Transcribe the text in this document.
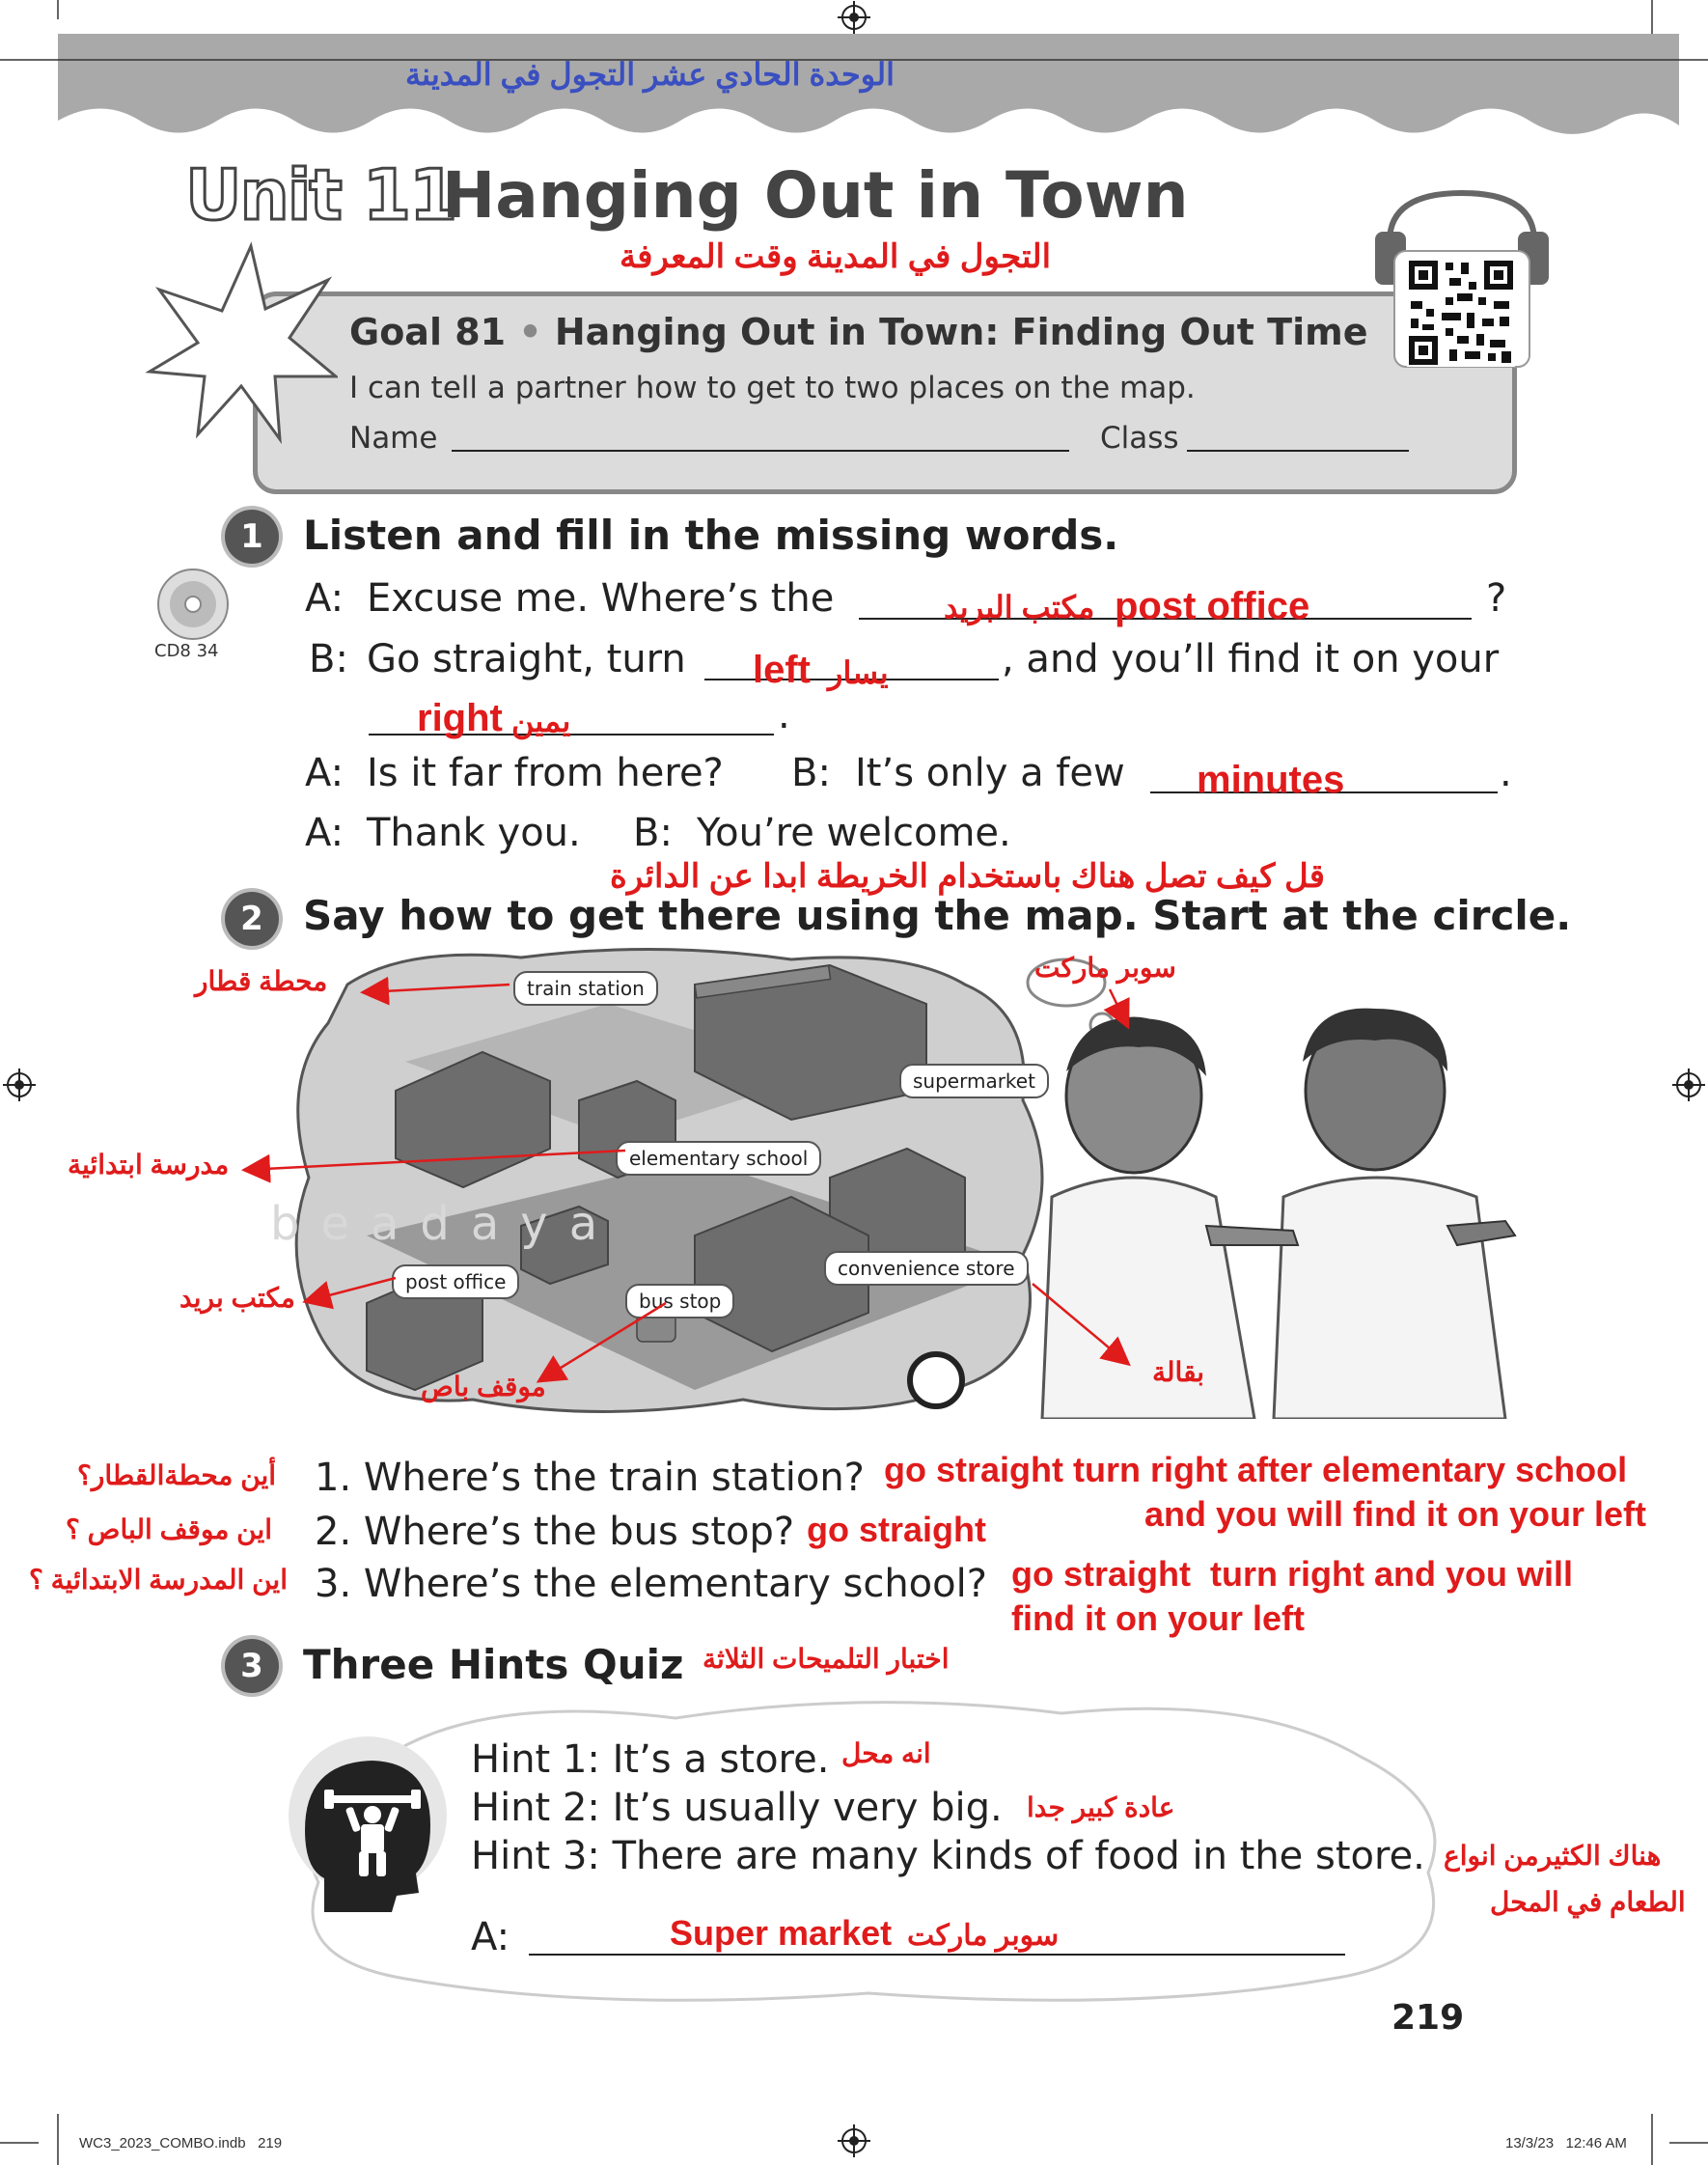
الوحدة الحادي عشر التجول في المدينة
Unit 11
Hanging Out in Town
التجول في المدينة وقت المعرفة
Goal 81 • Hanging Out in Town: Finding Out Time
I can tell a partner how to get to two places on the map.
Name	Class
1 Listen and fill in the missing words.
CD8 34
A: Excuse me. Where’s the	?
مكتب البريد post office
B: Go straight, turn	, and you’ll find it on your
left يسار
.
right يمين
A: Is it far from here? B: It’s only a few	.
minutes
A: Thank you. B: You’re welcome.
قل كيف تصل هناك باستخدام الخريطة ابدا عن الدائرة
2 Say how to get there using the map. Start at the circle.
train station
supermarket
elementary school
convenience store
post office
bus stop
محطة قطار	سوبر ماركت
مدرسة ابتدائية
مكتب بريد
موقف باص	بقالة
beadaya
1. Where’s the train station?
أين محطةالقطار؟	go straight turn right after elementary school
and you will find it on your left
2. Where’s the bus stop?
اين موقف الباص ؟	go straight
3. Where’s the elementary school?
اين المدرسة الابتدائية ؟	go straight  turn right and you will
find it on your left
3 Three Hints Quiz اختبار التلميحات الثلاثة
Hint 1: It’s a store. انه محل
Hint 2: It’s usually very big. عادة كبير جدا
Hint 3: There are many kinds of food in the store. هناك الكثيرمن انواع
الطعام في المحل
A:	Super market سوبر ماركت
219
WC3_2023_COMBO.indb   219	13/3/23   12:46 AM
